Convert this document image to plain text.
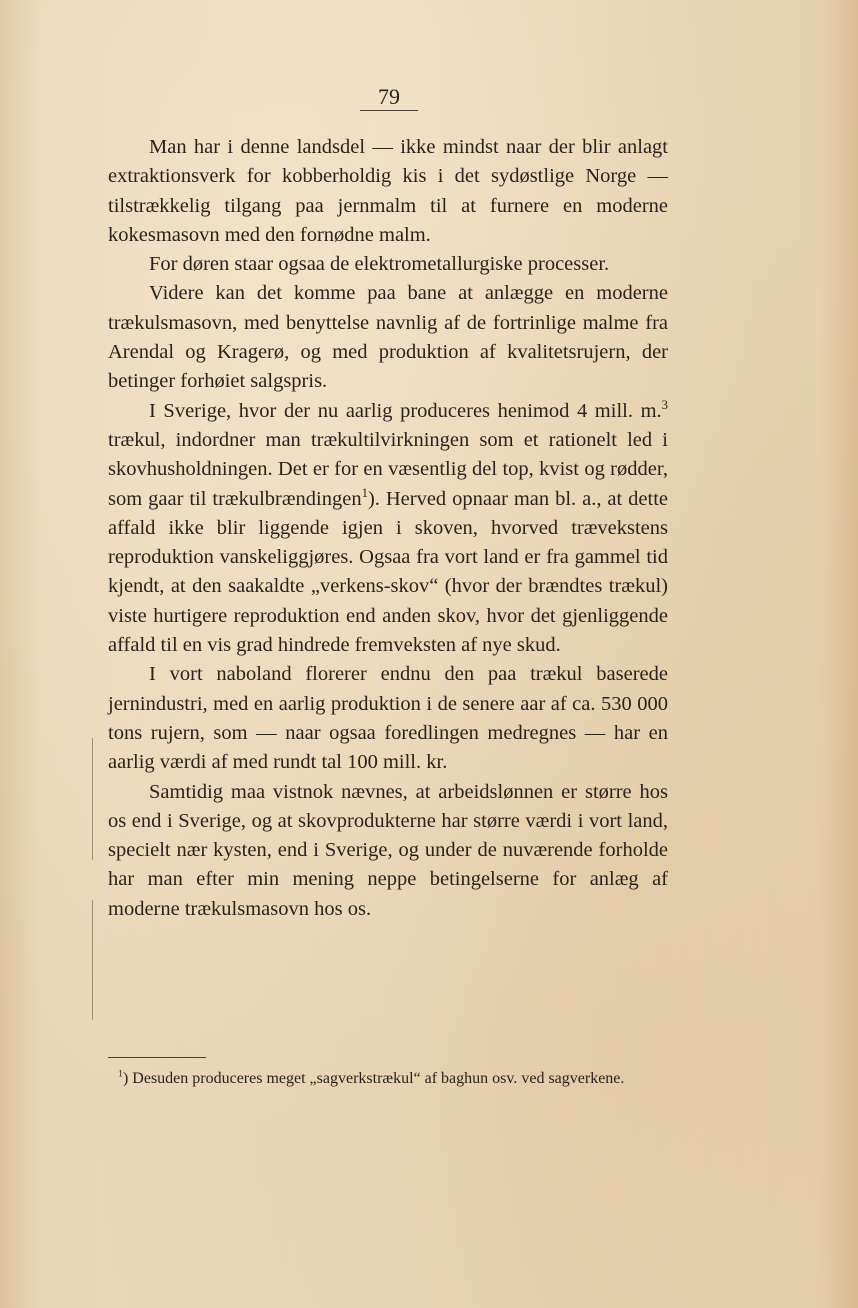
79

Man har i denne landsdel — ikke mindst naar der blir anlagt extraktionsverk for kobberholdig kis i det sydøstlige Norge — tilstrækkelig tilgang paa jernmalm til at furnere en moderne kokesmasovn med den fornødne malm.

For døren staar ogsaa de elektrometallurgiske processer.

Videre kan det komme paa bane at anlægge en moderne trækulsmasovn, med benyttelse navnlig af de fortrinlige malme fra Arendal og Kragerø, og med produktion af kvalitetsrujern, der betinger forhøiet salgspris.

I Sverige, hvor der nu aarlig produceres henimod 4 mill. m.$^3$ trækul, indordner man trækultilvirkningen som et rationelt led i skovhusholdningen. Det er for en væsentlig del top, kvist og rødder, som gaar til trækulbrændingen$^1$). Herved opnaar man bl. a., at dette affald ikke blir liggende igjen i skoven, hvorved trævekstens reproduktion vanskeliggjøres. Ogsaa fra vort land er fra gammel tid kjendt, at den saakaldte „verkens-skov“ (hvor der brændtes trækul) viste hurtigere reproduktion end anden skov, hvor det gjenliggende affald til en vis grad hindrede fremveksten af nye skud.

I vort naboland florerer endnu den paa trækul baserede jernindustri, med en aarlig produktion i de senere aar af ca. 530 000 tons rujern, som — naar ogsaa foredlingen medregnes — har en aarlig værdi af med rundt tal 100 mill. kr.

Samtidig maa vistnok nævnes, at arbeidslønnen er større hos os end i Sverige, og at skovprodukterne har større værdi i vort land, specielt nær kysten, end i Sverige, og under de nuværende forholde har man efter min mening neppe betingelserne for anlæg af moderne trækulsmasovn hos os.

$^1$) Desuden produceres meget „sagverkstrækul“ af baghun osv. ved sagverkene.
